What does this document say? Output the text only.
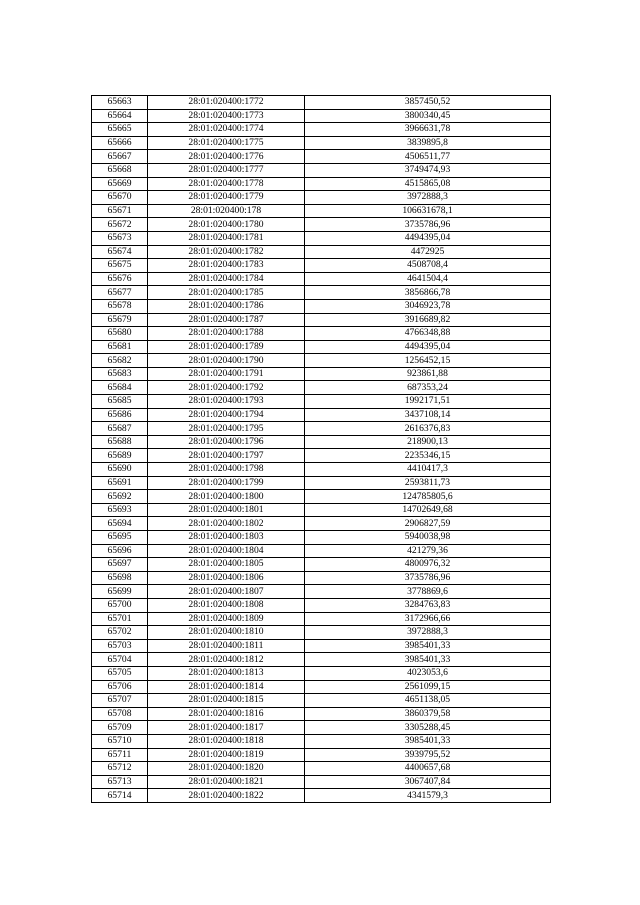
65663	28:01:020400:1772	3857450,52
65664	28:01:020400:1773	3800340,45
65665	28:01:020400:1774	3966631,78
65666	28:01:020400:1775	3839895,8
65667	28:01:020400:1776	4506511,77
65668	28:01:020400:1777	3749474,93
65669	28:01:020400:1778	4515865,08
65670	28:01:020400:1779	3972888,3
65671	28:01:020400:178	106631678,1
65672	28:01:020400:1780	3735786,96
65673	28:01:020400:1781	4494395,04
65674	28:01:020400:1782	4472925
65675	28:01:020400:1783	4508708,4
65676	28:01:020400:1784	4641504,4
65677	28:01:020400:1785	3856866,78
65678	28:01:020400:1786	3046923,78
65679	28:01:020400:1787	3916689,82
65680	28:01:020400:1788	4766348,88
65681	28:01:020400:1789	4494395,04
65682	28:01:020400:1790	1256452,15
65683	28:01:020400:1791	923861,88
65684	28:01:020400:1792	687353,24
65685	28:01:020400:1793	1992171,51
65686	28:01:020400:1794	3437108,14
65687	28:01:020400:1795	2616376,83
65688	28:01:020400:1796	218900,13
65689	28:01:020400:1797	2235346,15
65690	28:01:020400:1798	4410417,3
65691	28:01:020400:1799	2593811,73
65692	28:01:020400:1800	124785805,6
65693	28:01:020400:1801	14702649,68
65694	28:01:020400:1802	2906827,59
65695	28:01:020400:1803	5940038,98
65696	28:01:020400:1804	421279,36
65697	28:01:020400:1805	4800976,32
65698	28:01:020400:1806	3735786,96
65699	28:01:020400:1807	3778869,6
65700	28:01:020400:1808	3284763,83
65701	28:01:020400:1809	3172966,66
65702	28:01:020400:1810	3972888,3
65703	28:01:020400:1811	3985401,33
65704	28:01:020400:1812	3985401,33
65705	28:01:020400:1813	4023053,6
65706	28:01:020400:1814	2561099,15
65707	28:01:020400:1815	4651138,05
65708	28:01:020400:1816	3860379,58
65709	28:01:020400:1817	3305288,45
65710	28:01:020400:1818	3985401,33
65711	28:01:020400:1819	3939795,52
65712	28:01:020400:1820	4400657,68
65713	28:01:020400:1821	3067407,84
65714	28:01:020400:1822	4341579,3
